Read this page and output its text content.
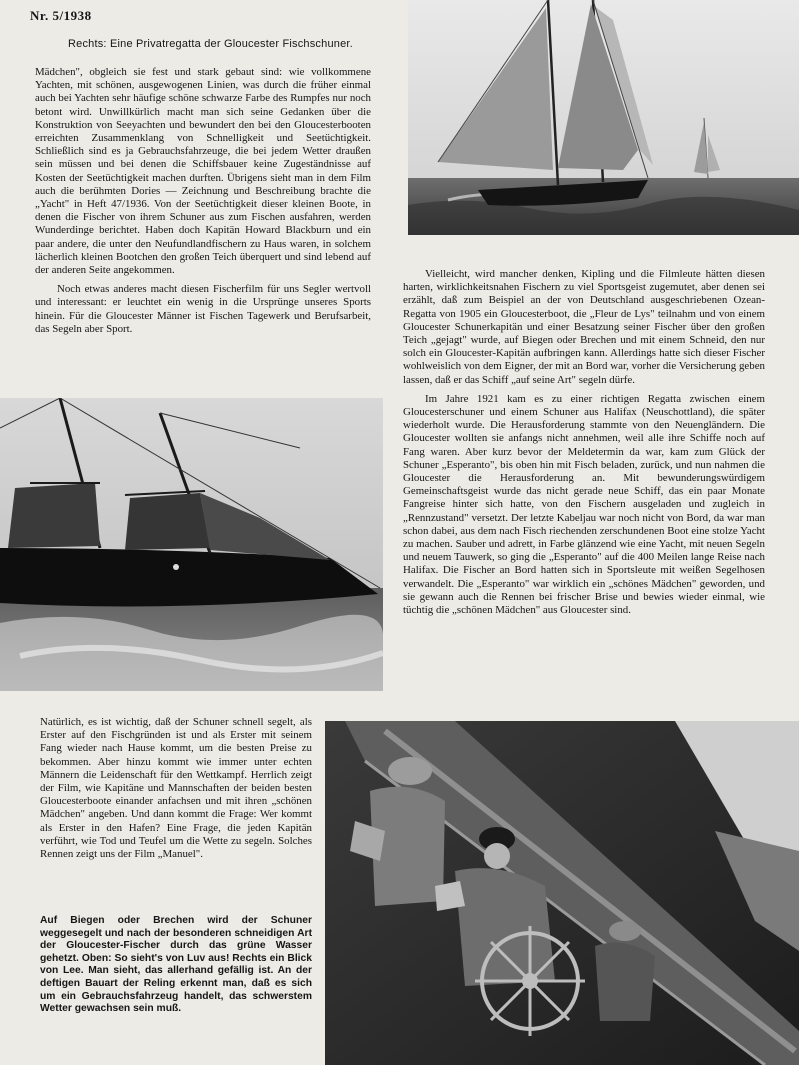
Nr. 5/1938
Rechts: Eine Privatregatta der Gloucester Fischschuner.

Mädchen", obgleich sie fest und stark gebaut sind: wie vollkommene Yachten, mit schönen, ausgewogenen Linien, was durch die früher einmal auch bei Yachten sehr häufige schöne schwarze Farbe des Rumpfes nur noch betont wird. Unwillkürlich macht man sich seine Gedanken über die Konstruktion von Seeyachten und bewundert den bei den Gloucesterbooten erreichten Zusammenklang von Schnelligkeit und Seetüchtigkeit. Schließlich sind es ja Gebrauchsfahrzeuge, die bei jedem Wetter draußen sein müssen und bei denen die Schiffsbauer keine Zugeständnisse auf Kosten der Seetüchtigkeit machen durften. Übrigens sieht man in dem Film auch die berühmten Dories — Zeichnung und Beschreibung brachte die „Yacht" in Heft 47/1936. Von der Seetüchtigkeit dieser kleinen Boote, in denen die Fischer von ihrem Schuner aus zum Fischen ausfahren, werden Wunderdinge berichtet. Haben doch Kapitän Howard Blackburn und ein paar andere, die unter den Neufundlandfischern zu Haus waren, in solchem lächerlich kleinen Bootchen den großen Teich überquert und sind lebend auf der anderen Seite angekommen.

Noch etwas anderes macht diesen Fischerfilm für uns Segler wertvoll und interessant: er leuchtet ein wenig in die Ursprünge unseres Sports hinein. Für die Gloucester Männer ist Fischen Tagewerk und Berufsarbeit, das Segeln aber Sport.

Vielleicht, wird mancher denken, Kipling und die Filmleute hätten diesen harten, wirklichkeitsnahen Fischern zu viel Sportsgeist zugemutet, aber denen sei erzählt, daß zum Beispiel an der von Deutschland ausgeschriebenen Ozean-Regatta von 1905 ein Gloucesterboot, die „Fleur de Lys" teilnahm und von einem Gloucester Schunerkapitän und einer Besatzung seiner Fischer über den großen Teich „gejagt" wurde, auf Biegen oder Brechen und mit einem Schneid, den nur solch ein Gloucester-Kapitän aufbringen kann. Allerdings hatte sich dieser Fischer wohlweislich von dem Eigner, der mit an Bord war, vorher die Versicherung geben lassen, daß er das Schiff „auf seine Art" segeln dürfe.

Im Jahre 1921 kam es zu einer richtigen Regatta zwischen einem Gloucesterschuner und einem Schuner aus Halifax (Neuschottland), die später wiederholt wurde. Die Herausforderung stammte von den Neuengländern. Die Gloucester wollten sie anfangs nicht annehmen, weil alle ihre Schiffe noch auf Fang waren. Aber kurz bevor der Meldetermin da war, kam zum Glück der Schuner „Esperanto", bis oben hin mit Fisch beladen, zurück, und nun nahmen die Gloucester die Herausforderung an. Mit bewunderungswürdigem Gemeinschaftsgeist wurde das nicht gerade neue Schiff, das ein paar Monate Fangreise hinter sich hatte, von den Fischern ausgeladen und zugleich in „Rennzustand" versetzt. Der letzte Kabeljau war noch nicht von Bord, da war man schon dabei, aus dem nach Fisch riechenden zerschundenen Boot eine stolze Yacht zu machen. Sauber und adrett, in Farbe glänzend wie eine Yacht, mit neuen Segeln und neuem Tauwerk, so ging die „Esperanto" auf die 400 Meilen lange Reise nach Halifax. Die Fischer an Bord hatten sich in Sportsleute mit weißen Segelhosen verwandelt. Die „Esperanto" war wirklich ein „schönes Mädchen" geworden, und sie gewann auch die Rennen bei frischer Brise und bewies wieder einmal, wie tüchtig die „schönen Mädchen" aus Gloucester sind.

Natürlich, es ist wichtig, daß der Schuner schnell segelt, als Erster auf den Fischgründen ist und als Erster mit seinem Fang wieder nach Hause kommt, um die besten Preise zu bekommen. Aber hinzu kommt wie immer unter echten Männern die Leidenschaft für den Wettkampf. Herrlich zeigt der Film, wie Kapitäne und Mannschaften der beiden besten Gloucesterboote einander anfachsen und mit ihren „schönen Mädchen" angeben. Und dann kommt die Frage: Wer kommt als Erster in den Hafen? Eine Frage, die jeden Kapitän verführt, wie Tod und Teufel um die Wette zu segeln. Solches Rennen zeigt uns der Film „Manuel".

Auf Biegen oder Brechen wird der Schuner weggesegelt und nach der besonderen schneidigen Art der Gloucester-Fischer durch das grüne Wasser gehetzt. Oben: So sieht's von Luv aus! Rechts ein Blick von Lee. Man sieht, das allerhand gefällig ist. An der deftigen Bauart der Reling erkennt man, daß es sich um ein Gebrauchsfahrzeug handelt, das schwerstem Wetter gewachsen sein muß.
